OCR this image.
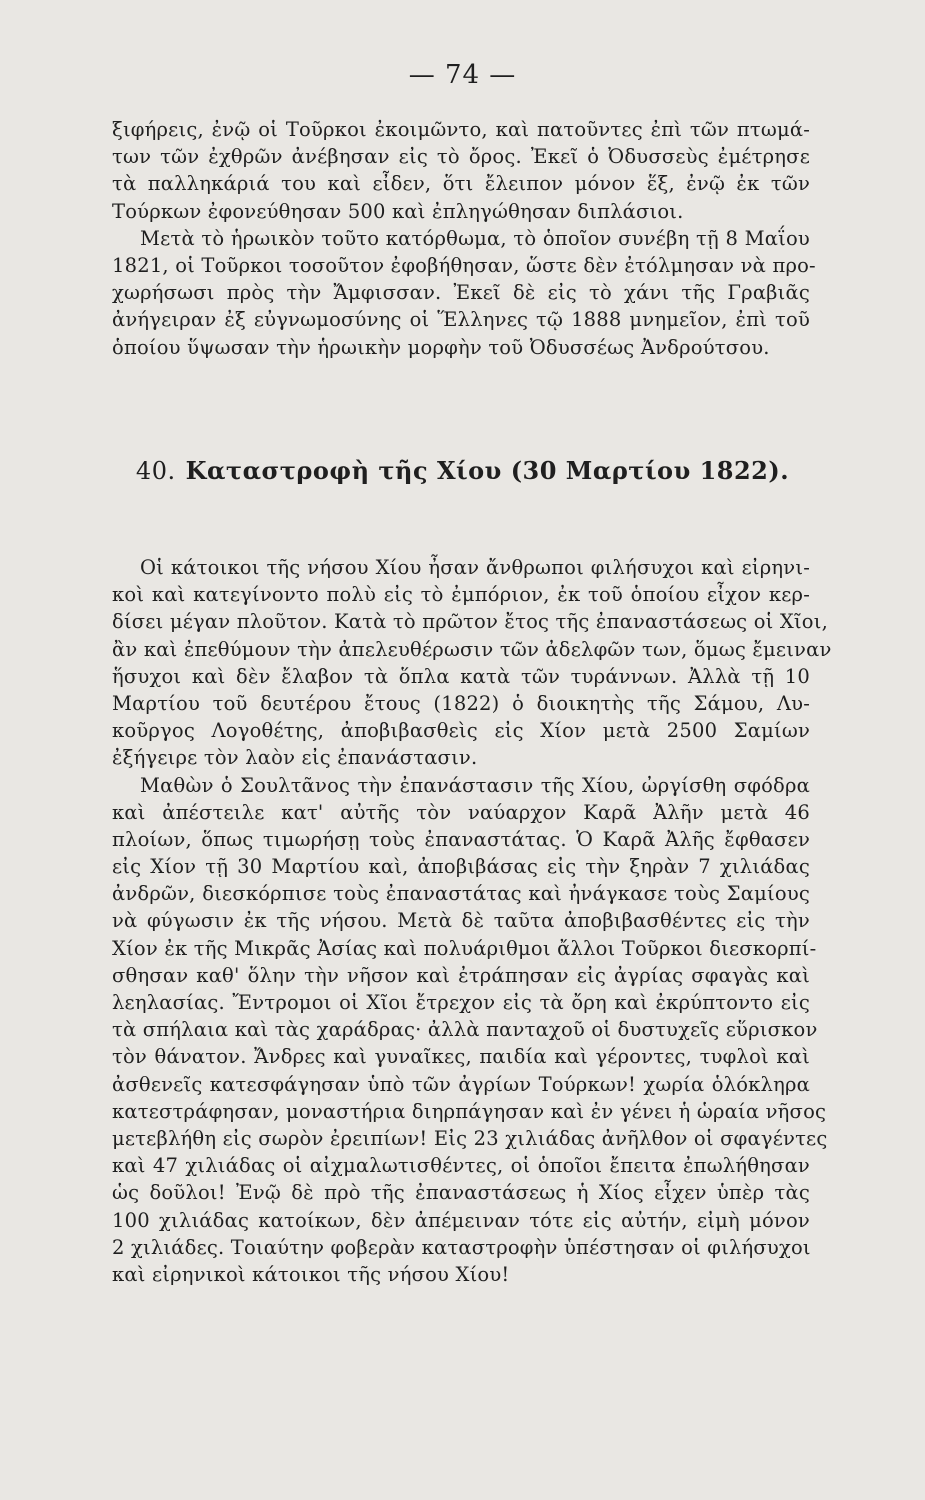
— 74 —
ξιφήρεις, ἐνῷ οἱ Τοῦρκοι ἐκοιμῶντο, καὶ πατοῦντες ἐπὶ τῶν πτωμά-
των τῶν ἐχθρῶν ἀνέβησαν εἰς τὸ ὄρος. Ἐκεῖ ὁ Ὀδυσσεὺς ἐμέτρησε
τὰ παλληκάριά του καὶ εἶδεν, ὅτι ἔλειπον μόνον ἕξ, ἐνῷ ἐκ τῶν
Τούρκων ἐφονεύθησαν 500 καὶ ἐπληγώθησαν διπλάσιοι.
Μετὰ τὸ ἡρωικὸν τοῦτο κατόρθωμα, τὸ ὁποῖον συνέβη τῇ 8 Μαΐου
1821, οἱ Τοῦρκοι τοσοῦτον ἐφοβήθησαν, ὥστε δὲν ἐτόλμησαν νὰ προ-
χωρήσωσι πρὸς τὴν Ἄμφισσαν. Ἐκεῖ δὲ εἰς τὸ χάνι τῆς Γραβιᾶς
ἀνήγειραν ἐξ εὐγνωμοσύνης οἱ Ἕλληνες τῷ 1888 μνημεῖον, ἐπὶ τοῦ
ὁποίου ὕψωσαν τὴν ἡρωικὴν μορφὴν τοῦ Ὀδυσσέως Ἀνδρούτσου.
40. Καταστροφὴ τῆς Χίου (30 Μαρτίου 1822).
Οἱ κάτοικοι τῆς νήσου Χίου ἦσαν ἄνθρωποι φιλήσυχοι καὶ εἰρηνι-
κοὶ καὶ κατεγίνοντο πολὺ εἰς τὸ ἐμπόριον, ἐκ τοῦ ὁποίου εἶχον κερ-
δίσει μέγαν πλοῦτον. Κατὰ τὸ πρῶτον ἔτος τῆς ἐπαναστάσεως οἱ Χῖοι,
ἂν καὶ ἐπεθύμουν τὴν ἀπελευθέρωσιν τῶν ἀδελφῶν των, ὅμως ἔμειναν
ἥσυχοι καὶ δὲν ἔλαβον τὰ ὅπλα κατὰ τῶν τυράννων. Ἀλλὰ τῇ 10
Μαρτίου τοῦ δευτέρου ἔτους (1822) ὁ διοικητὴς τῆς Σάμου, Λυ-
κοῦργος Λογοθέτης, ἀποβιβασθεὶς εἰς Χίον μετὰ 2500 Σαμίων
ἐξήγειρε τὸν λαὸν εἰς ἐπανάστασιν.
Μαθὼν ὁ Σουλτᾶνος τὴν ἐπανάστασιν τῆς Χίου, ὠργίσθη σφόδρα
καὶ ἀπέστειλε κατ' αὐτῆς τὸν ναύαρχον Καρᾶ Ἀλῆν μετὰ 46
πλοίων, ὅπως τιμωρήσῃ τοὺς ἐπαναστάτας. Ὁ Καρᾶ Ἀλῆς ἔφθασεν
εἰς Χίον τῇ 30 Μαρτίου καὶ, ἀποβιβάσας εἰς τὴν ξηρὰν 7 χιλιάδας
ἀνδρῶν, διεσκόρπισε τοὺς ἐπαναστάτας καὶ ἠνάγκασε τοὺς Σαμίους
νὰ φύγωσιν ἐκ τῆς νήσου. Μετὰ δὲ ταῦτα ἀποβιβασθέντες εἰς τὴν
Χίον ἐκ τῆς Μικρᾶς Ἀσίας καὶ πολυάριθμοι ἄλλοι Τοῦρκοι διεσκορπί-
σθησαν καθ' ὅλην τὴν νῆσον καὶ ἐτράπησαν εἰς ἀγρίας σφαγὰς καὶ
λεηλασίας. Ἔντρομοι οἱ Χῖοι ἔτρεχον εἰς τὰ ὄρη καὶ ἐκρύπτοντο εἰς
τὰ σπήλαια καὶ τὰς χαράδρας· ἀλλὰ πανταχοῦ οἱ δυστυχεῖς εὕρισκον
τὸν θάνατον. Ἄνδρες καὶ γυναῖκες, παιδία καὶ γέροντες, τυφλοὶ καὶ
ἀσθενεῖς κατεσφάγησαν ὑπὸ τῶν ἀγρίων Τούρκων! χωρία ὁλόκληρα
κατεστράφησαν, μοναστήρια διηρπάγησαν καὶ ἐν γένει ἡ ὡραία νῆσος
μετεβλήθη εἰς σωρὸν ἐρειπίων! Εἰς 23 χιλιάδας ἀνῆλθον οἱ σφαγέντες
καὶ 47 χιλιάδας οἱ αἰχμαλωτισθέντες, οἱ ὁποῖοι ἔπειτα ἐπωλήθησαν
ὡς δοῦλοι! Ἐνῷ δὲ πρὸ τῆς ἐπαναστάσεως ἡ Χίος εἶχεν ὑπὲρ τὰς
100 χιλιάδας κατοίκων, δὲν ἀπέμειναν τότε εἰς αὐτήν, εἰμὴ μόνον
2 χιλιάδες. Τοιαύτην φοβερὰν καταστροφὴν ὑπέστησαν οἱ φιλήσυχοι
καὶ εἰρηνικοὶ κάτοικοι τῆς νήσου Χίου!
